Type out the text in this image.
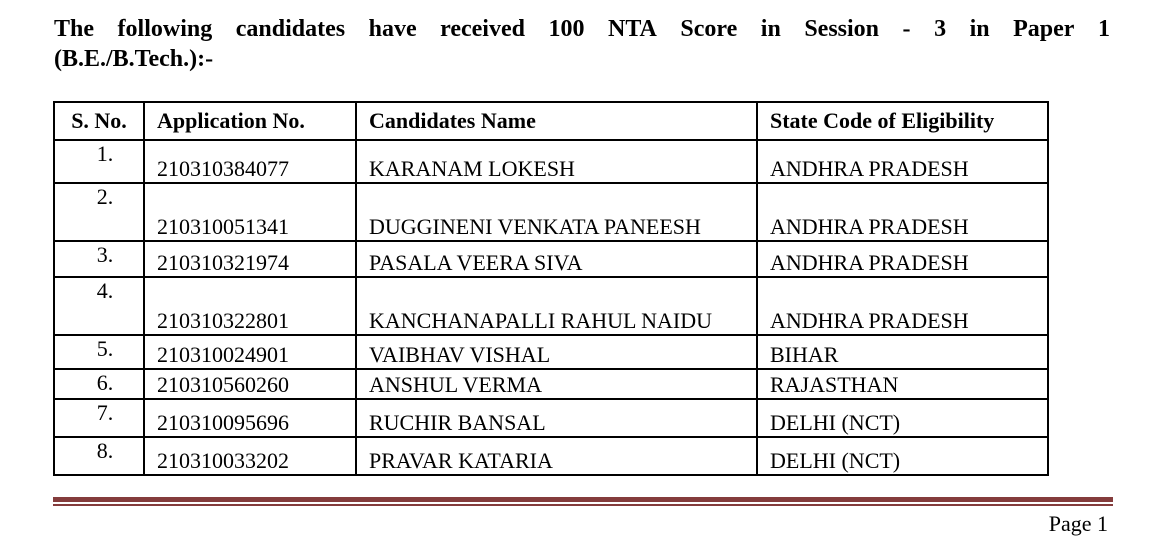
The following candidates have received 100 NTA Score in Session - 3 in Paper 1
(B.E./B.Tech.):-
S. No.	Application No.	Candidates Name	State Code of Eligibility
1.	210310384077	KARANAM LOKESH	ANDHRA PRADESH
2.	210310051341	DUGGINENI VENKATA PANEESH	ANDHRA PRADESH
3.	210310321974	PASALA VEERA SIVA	ANDHRA PRADESH
4.	210310322801	KANCHANAPALLI RAHUL NAIDU	ANDHRA PRADESH
5.	210310024901	VAIBHAV VISHAL	BIHAR
6.	210310560260	ANSHUL VERMA	RAJASTHAN
7.	210310095696	RUCHIR BANSAL	DELHI (NCT)
8.	210310033202	PRAVAR KATARIA	DELHI (NCT)
Page 1
